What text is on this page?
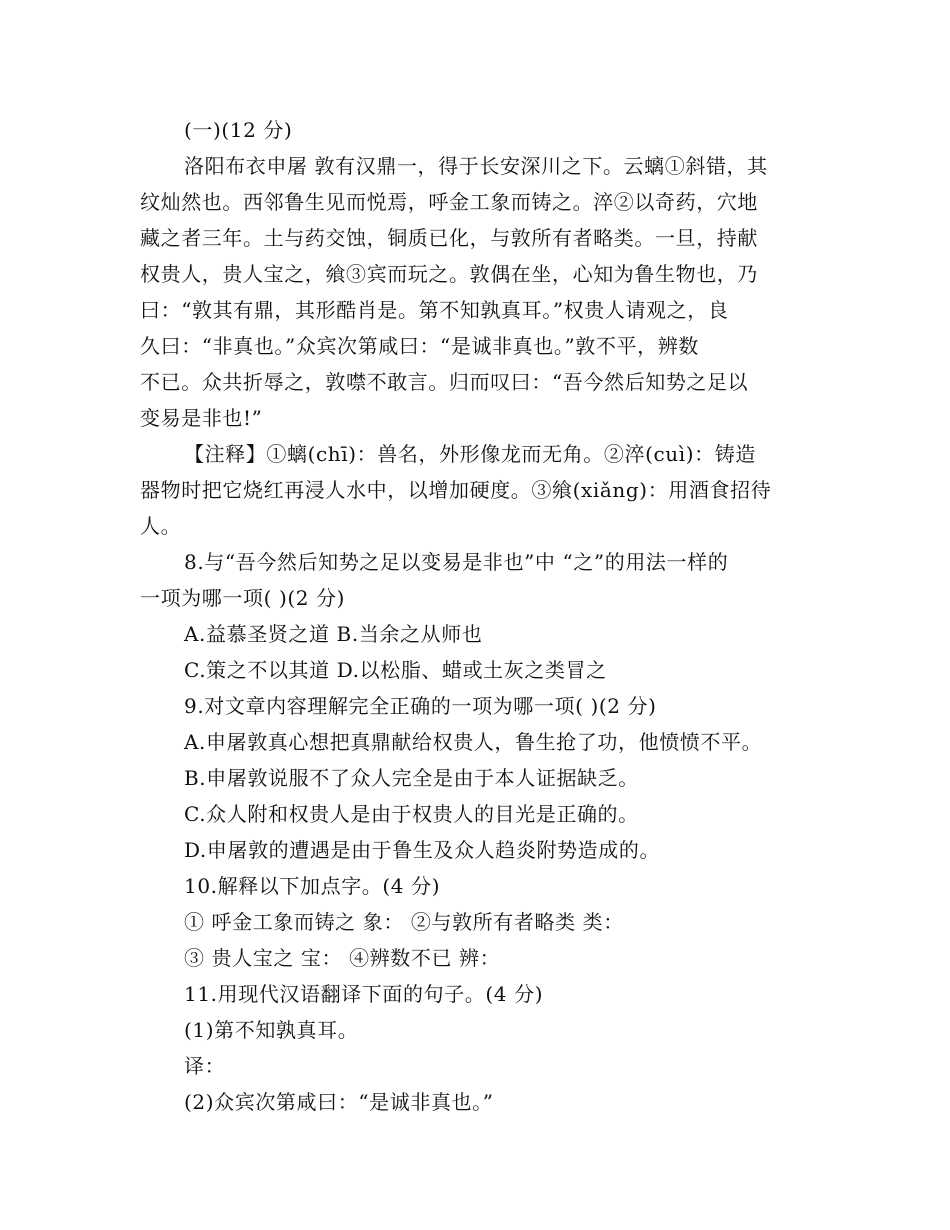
(一)(12 分)
洛阳布衣申屠 敦有汉鼎一，得于长安深川之下。云螭①斜错，其
纹灿然也。西邻鲁生见而悦焉，呼金工象而铸之。淬②以奇药，穴地
藏之者三年。土与药交蚀，铜质已化，与敦所有者略类。一旦，持献
权贵人，贵人宝之，飨③宾而玩之。敦偶在坐，心知为鲁生物也，乃
曰：“敦其有鼎，其形酷肖是。第不知孰真耳。”权贵人请观之，良
久曰：“非真也。”众宾次第咸曰：“是诚非真也。”敦不平，辨数
不已。众共折辱之，敦噤不敢言。归而叹曰：“吾今然后知势之足以
变易是非也!”
【注释】①螭(chī)：兽名，外形像龙而无角。②淬(cuì)：铸造
器物时把它烧红再浸人水中，以增加硬度。③飨(xiǎng)：用酒食招待
人。
8.与“吾今然后知势之足以变易是非也”中 “之”的用法一样的
一项为哪一项( )(2 分)
A.益慕圣贤之道 B.当余之从师也
C.策之不以其道 D.以松脂、蜡或土灰之类冒之
9.对文章内容理解完全正确的一项为哪一项( )(2 分)
A.申屠敦真心想把真鼎献给权贵人，鲁生抢了功，他愤愤不平。
B.申屠敦说服不了众人完全是由于本人证据缺乏。
C.众人附和权贵人是由于权贵人的目光是正确的。
D.申屠敦的遭遇是由于鲁生及众人趋炎附势造成的。
10.解释以下加点字。(4 分)
① 呼金工象而铸之 象： ②与敦所有者略类 类：
③ 贵人宝之 宝： ④辨数不已 辨：
11.用现代汉语翻译下面的句子。(4 分)
(1)第不知孰真耳。
译：
(2)众宾次第咸曰：“是诚非真也。”
